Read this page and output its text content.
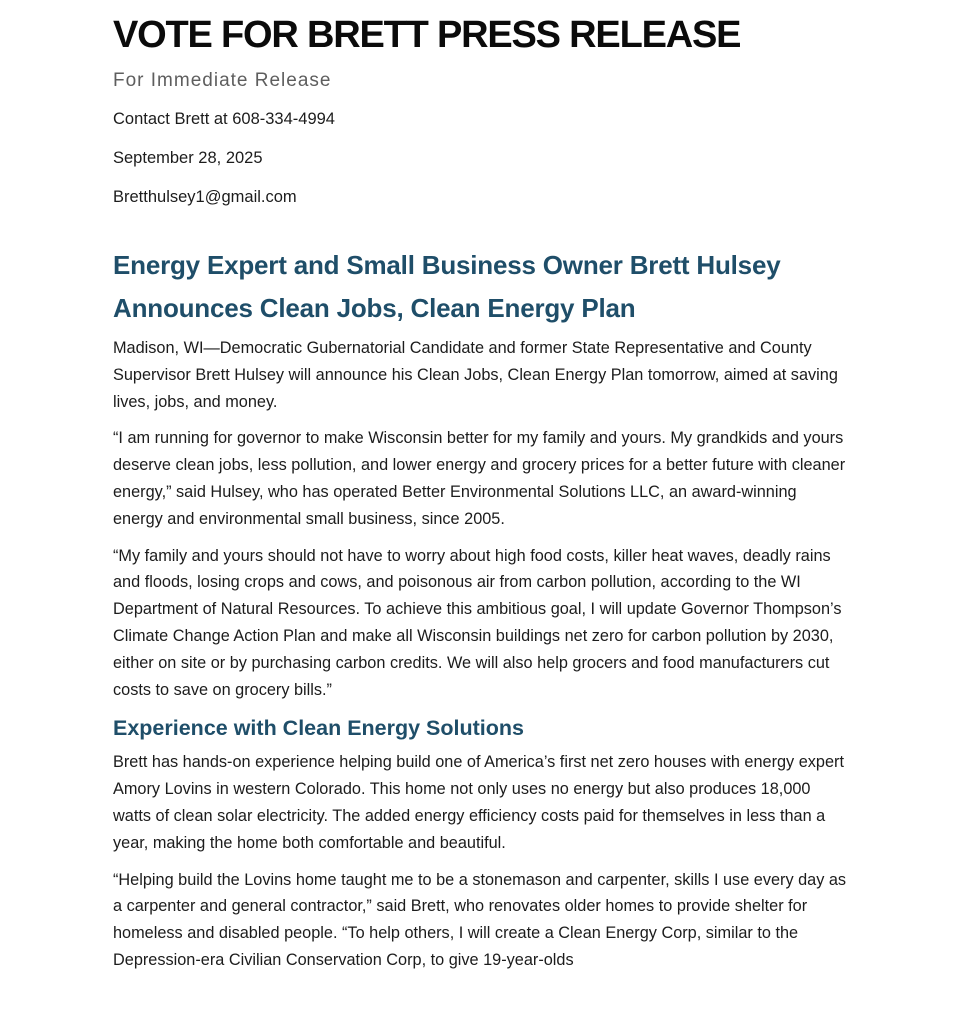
VOTE FOR BRETT PRESS RELEASE
For Immediate Release
Contact Brett at 608-334-4994
September 28, 2025
Bretthulsey1@gmail.com
Energy Expert and Small Business Owner Brett Hulsey Announces Clean Jobs, Clean Energy Plan

Madison, WI—Democratic Gubernatorial Candidate and former State Representative and County Supervisor Brett Hulsey will announce his Clean Jobs, Clean Energy Plan tomorrow, aimed at saving lives, jobs, and money.

“I am running for governor to make Wisconsin better for my family and yours. My grandkids and yours deserve clean jobs, less pollution, and lower energy and grocery prices for a better future with cleaner energy,” said Hulsey, who has operated Better Environmental Solutions LLC, an award-winning energy and environmental small business, since 2005.

“My family and yours should not have to worry about high food costs, killer heat waves, deadly rains and floods, losing crops and cows, and poisonous air from carbon pollution, according to the WI Department of Natural Resources. To achieve this ambitious goal, I will update Governor Thompson’s Climate Change Action Plan and make all Wisconsin buildings net zero for carbon pollution by 2030, either on site or by purchasing carbon credits. We will also help grocers and food manufacturers cut costs to save on grocery bills.”

Experience with Clean Energy Solutions

Brett has hands-on experience helping build one of America’s first net zero houses with energy expert Amory Lovins in western Colorado. This home not only uses no energy but also produces 18,000 watts of clean solar electricity. The added energy efficiency costs paid for themselves in less than a year, making the home both comfortable and beautiful.

“Helping build the Lovins home taught me to be a stonemason and carpenter, skills I use every day as a carpenter and general contractor,” said Brett, who renovates older homes to provide shelter for homeless and disabled people. “To help others, I will create a Clean Energy Corp, similar to the Depression-era Civilian Conservation Corp, to give 19-year-olds
